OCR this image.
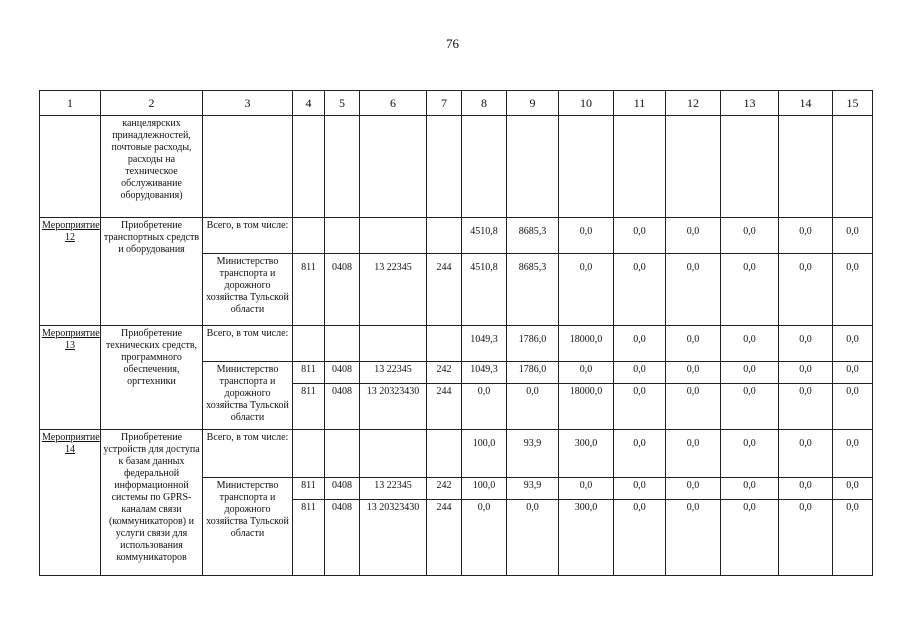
76
1	2	3	4	5	6	7	8	9	10	11	12	13	14	15
	канцелярских принадлежностей, почтовые расходы, расходы на техническое обслуживание оборудования)													
Мероприятие 12	Приобретение транспортных средств и оборудования	Всего, в том числе:					4510,8	8685,3	0,0	0,0	0,0	0,0	0,0	0,0
		Министерство транспорта и дорожного хозяйства Тульской области	811	0408	13 22345	244	4510,8	8685,3	0,0	0,0	0,0	0,0	0,0	0,0
Мероприятие 13	Приобретение технических средств, программного обеспечения, оргтехники	Всего, в том числе:					1049,3	1786,0	18000,0	0,0	0,0	0,0	0,0	0,0
		Министерство транспорта и дорожного хозяйства Тульской области	811	0408	13 22345	242	1049,3	1786,0	0,0	0,0	0,0	0,0	0,0	0,0
			811	0408	13 20323430	244	0,0	0,0	18000,0	0,0	0,0	0,0	0,0	0,0
Мероприятие 14	Приобретение устройств для доступа к базам данных федеральной информационной системы по GPRS-каналам связи (коммуникаторов) и услуги связи для использования коммуникаторов	Всего, в том числе:					100,0	93,9	300,0	0,0	0,0	0,0	0,0	0,0
		Министерство транспорта и дорожного хозяйства Тульской области	811	0408	13 22345	242	100,0	93,9	0,0	0,0	0,0	0,0	0,0	0,0
			811	0408	13 20323430	244	0,0	0,0	300,0	0,0	0,0	0,0	0,0	0,0
